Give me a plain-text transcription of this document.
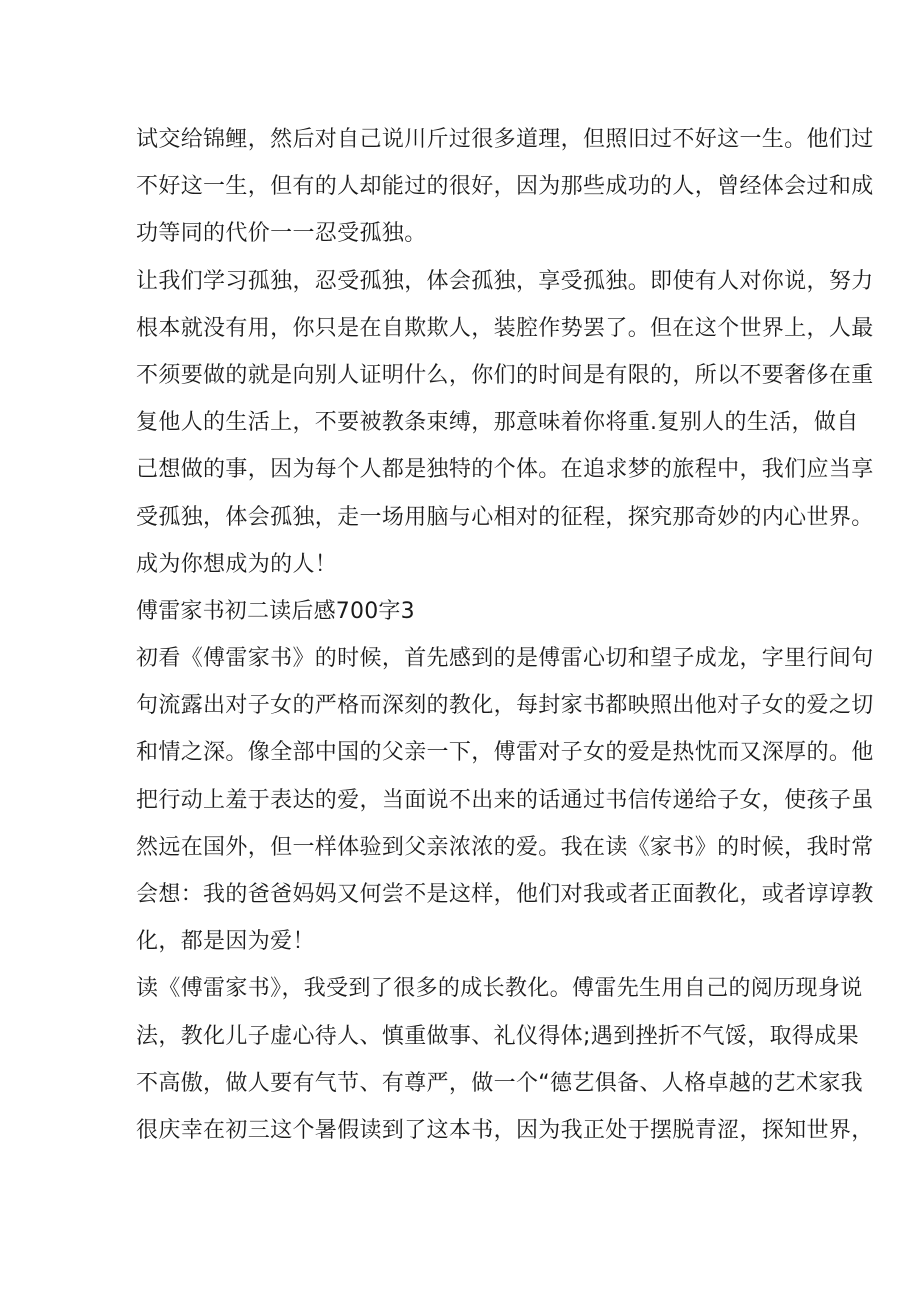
试交给锦鲤，然后对自己说川斤过很多道理，但照旧过不好这一生。他们过
不好这一生，但有的人却能过的很好，因为那些成功的人，曾经体会过和成
功等同的代价一一忍受孤独。
让我们学习孤独，忍受孤独，体会孤独，享受孤独。即使有人对你说，努力
根本就没有用，你只是在自欺欺人，装腔作势罢了。但在这个世界上，人最
不须要做的就是向别人证明什么，你们的时间是有限的，所以不要奢侈在重
复他人的生活上，不要被教条束缚，那意味着你将重.复别人的生活，做自
己想做的事，因为每个人都是独特的个体。在追求梦的旅程中，我们应当享
受孤独，体会孤独，走一场用脑与心相对的征程，探究那奇妙的内心世界。
成为你想成为的人！
傅雷家书初二读后感700字3
初看《傅雷家书》的时候，首先感到的是傅雷心切和望子成龙，字里行间句
句流露出对子女的严格而深刻的教化，每封家书都映照出他对子女的爱之切
和情之深。像全部中国的父亲一下，傅雷对子女的爱是热忱而又深厚的。他
把行动上羞于表达的爱，当面说不出来的话通过书信传递给子女，使孩子虽
然远在国外，但一样体验到父亲浓浓的爱。我在读《家书》的时候，我时常
会想：我的爸爸妈妈又何尝不是这样，他们对我或者正面教化，或者谆谆教
化，都是因为爱！
读《傅雷家书》，我受到了很多的成长教化。傅雷先生用自己的阅历现身说
法，教化儿子虚心待人、慎重做事、礼仪得体;遇到挫折不气馁，取得成果
不高傲，做人要有气节、有尊严，做一个“德艺俱备、人格卓越的艺术家我
很庆幸在初三这个暑假读到了这本书，因为我正处于摆脱青涩，探知世界，
